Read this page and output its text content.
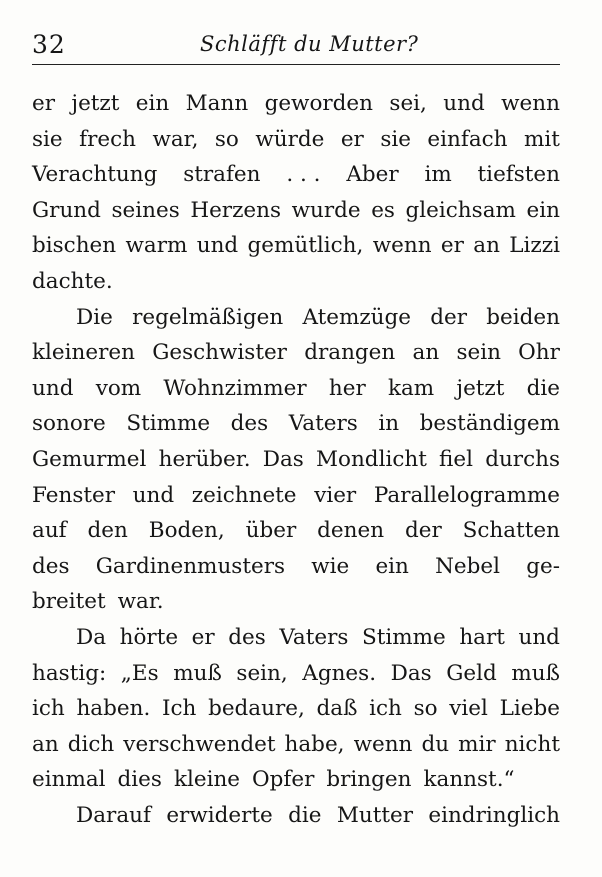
32	Schläfft du Mutter?
er jetzt ein Mann geworden sei, und wenn
sie frech war, so würde er sie einfach mit
Verachtung strafen . . . Aber im tiefsten
Grund seines Herzens wurde es gleichsam ein
bischen warm und gemütlich, wenn er an Lizzi
dachte.
Die regelmäßigen Atemzüge der beiden
kleineren Geschwister drangen an sein Ohr
und vom Wohnzimmer her kam jetzt die
sonore Stimme des Vaters in beständigem
Gemurmel herüber. Das Mondlicht fiel durchs
Fenster und zeichnete vier Parallelogramme
auf den Boden, über denen der Schatten
des Gardinenmusters wie ein Nebel ge-
breitet war.
Da hörte er des Vaters Stimme hart und
hastig: „Es muß sein, Agnes. Das Geld muß
ich haben. Ich bedaure, daß ich so viel Liebe
an dich verschwendet habe, wenn du mir nicht
einmal dies kleine Opfer bringen kannst.“
Darauf erwiderte die Mutter eindringlich
